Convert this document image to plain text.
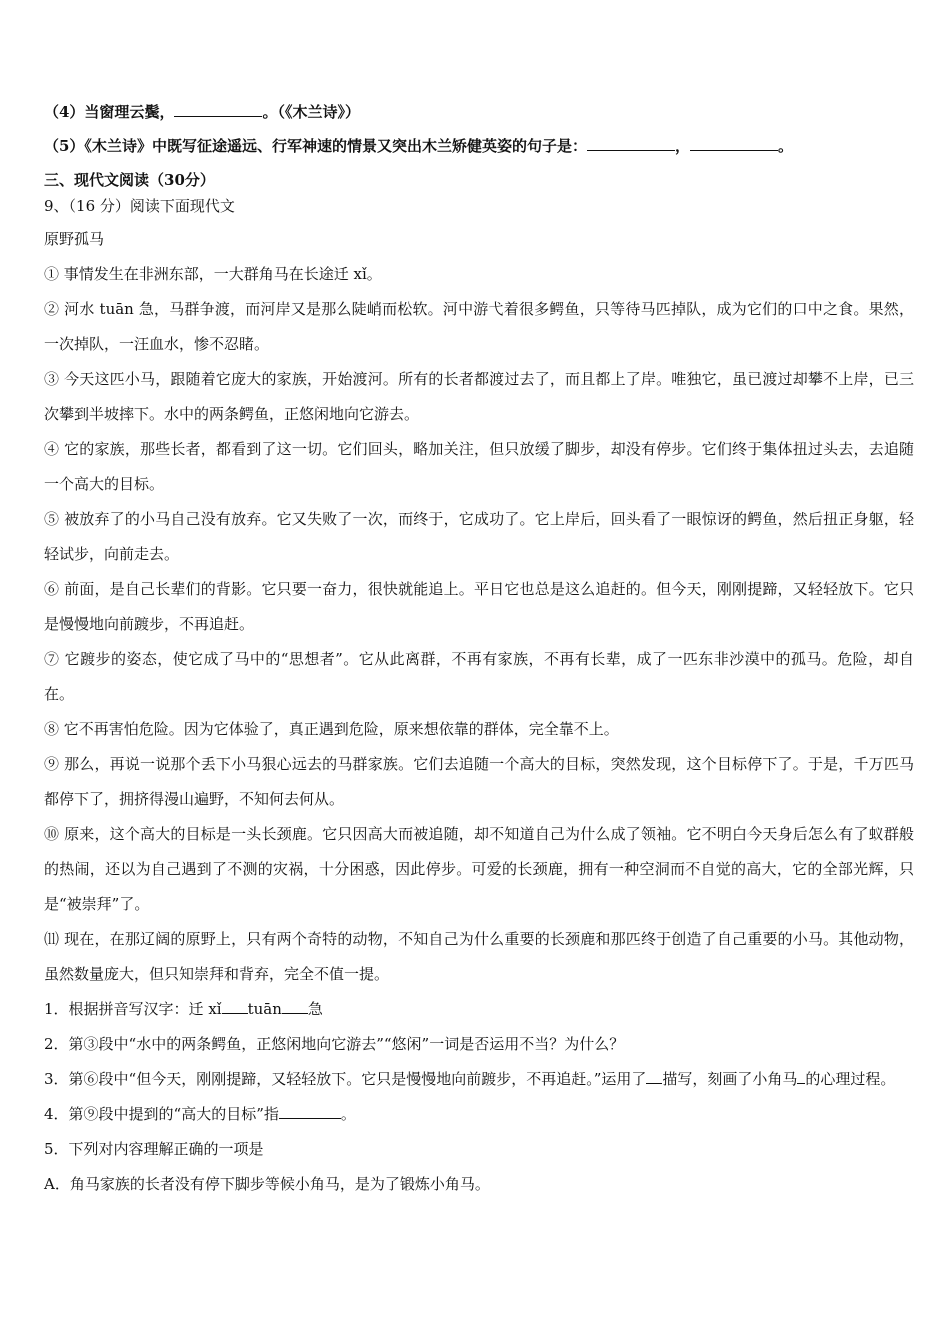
（4）当窗理云鬓，	。（《木兰诗》）

（5）《木兰诗》中既写征途遥远、行军神速的情景又突出木兰矫健英姿的句子是：	，	。

三、现代文阅读（30分）

9、（16 分）阅读下面现代文

原野孤马

① 事情发生在非洲东部，一大群角马在长途迁 xǐ。

② 河水 tuān 急，马群争渡，而河岸又是那么陡峭而松软。河中游弋着很多鳄鱼，只等待马匹掉队，成为它们的口中之食。果然，一次掉队，一汪血水，惨不忍睹。

③ 今天这匹小马，跟随着它庞大的家族，开始渡河。所有的长者都渡过去了，而且都上了岸。唯独它，虽已渡过却攀不上岸，已三次攀到半坡摔下。水中的两条鳄鱼，正悠闲地向它游去。

④ 它的家族，那些长者，都看到了这一切。它们回头，略加关注，但只放缓了脚步，却没有停步。它们终于集体扭过头去，去追随一个高大的目标。

⑤ 被放弃了的小马自己没有放弃。它又失败了一次，而终于，它成功了。它上岸后，回头看了一眼惊讶的鳄鱼，然后扭正身躯，轻轻试步，向前走去。

⑥ 前面，是自己长辈们的背影。它只要一奋力，很快就能追上。平日它也总是这么追赶的。但今天，刚刚提蹄，又轻轻放下。它只是慢慢地向前踱步，不再追赶。

⑦ 它踱步的姿态，使它成了马中的“思想者”。它从此离群，不再有家族，不再有长辈，成了一匹东非沙漠中的孤马。危险，却自在。

⑧ 它不再害怕危险。因为它体验了，真正遇到危险，原来想依靠的群体，完全靠不上。

⑨ 那么，再说一说那个丢下小马狠心远去的马群家族。它们去追随一个高大的目标，突然发现，这个目标停下了。于是，千万匹马都停下了，拥挤得漫山遍野，不知何去何从。

⑩ 原来，这个高大的目标是一头长颈鹿。它只因高大而被追随，却不知道自己为什么成了领袖。它不明白今天身后怎么有了蚁群般的热闹，还以为自己遇到了不测的灾祸，十分困惑，因此停步。可爱的长颈鹿，拥有一种空洞而不自觉的高大，它的全部光辉，只是“被崇拜”了。

⑾ 现在，在那辽阔的原野上，只有两个奇特的动物，不知自己为什么重要的长颈鹿和那匹终于创造了自己重要的小马。其他动物，虽然数量庞大，但只知崇拜和背弃，完全不值一提。

1．根据拼音写汉字：迁 xǐ tuān 急

2．第③段中“水中的两条鳄鱼，正悠闲地向它游去”“悠闲”一词是否运用不当？为什么？

3．第⑥段中“但今天，刚刚提蹄，又轻轻放下。它只是慢慢地向前踱步，不再追赶。”运用了 描写，刻画了小角马 的心理过程。

4．第⑨段中提到的“高大的目标”指	。

5．下列对内容理解正确的一项是

A．角马家族的长者没有停下脚步等候小角马，是为了锻炼小角马。
